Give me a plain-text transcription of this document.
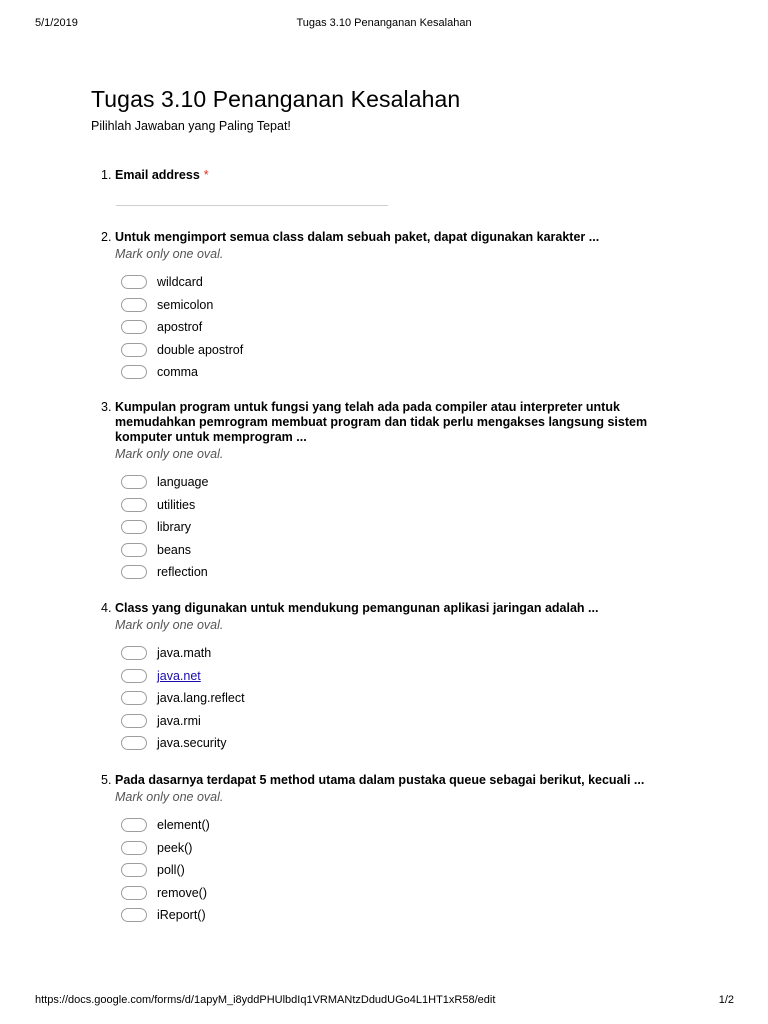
5/1/2019	Tugas 3.10 Penanganan Kesalahan
Tugas 3.10 Penanganan Kesalahan
Pilihlah Jawaban yang Paling Tepat!
1. Email address *
2. Untuk mengimport semua class dalam sebuah paket, dapat digunakan karakter ...
Mark only one oval.
wildcard
semicolon
apostrof
double apostrof
comma
3. Kumpulan program untuk fungsi yang telah ada pada compiler atau interpreter untuk memudahkan pemrogram membuat program dan tidak perlu mengakses langsung sistem komputer untuk memprogram ...
Mark only one oval.
language
utilities
library
beans
reflection
4. Class yang digunakan untuk mendukung pemangunan aplikasi jaringan adalah ...
Mark only one oval.
java.math
java.net
java.lang.reflect
java.rmi
java.security
5. Pada dasarnya terdapat 5 method utama dalam pustaka queue sebagai berikut, kecuali ...
Mark only one oval.
element()
peek()
poll()
remove()
iReport()
https://docs.google.com/forms/d/1apyM_i8yddPHUlbdIq1VRMANtzDdudUGo4L1HT1xR58/edit	1/2
